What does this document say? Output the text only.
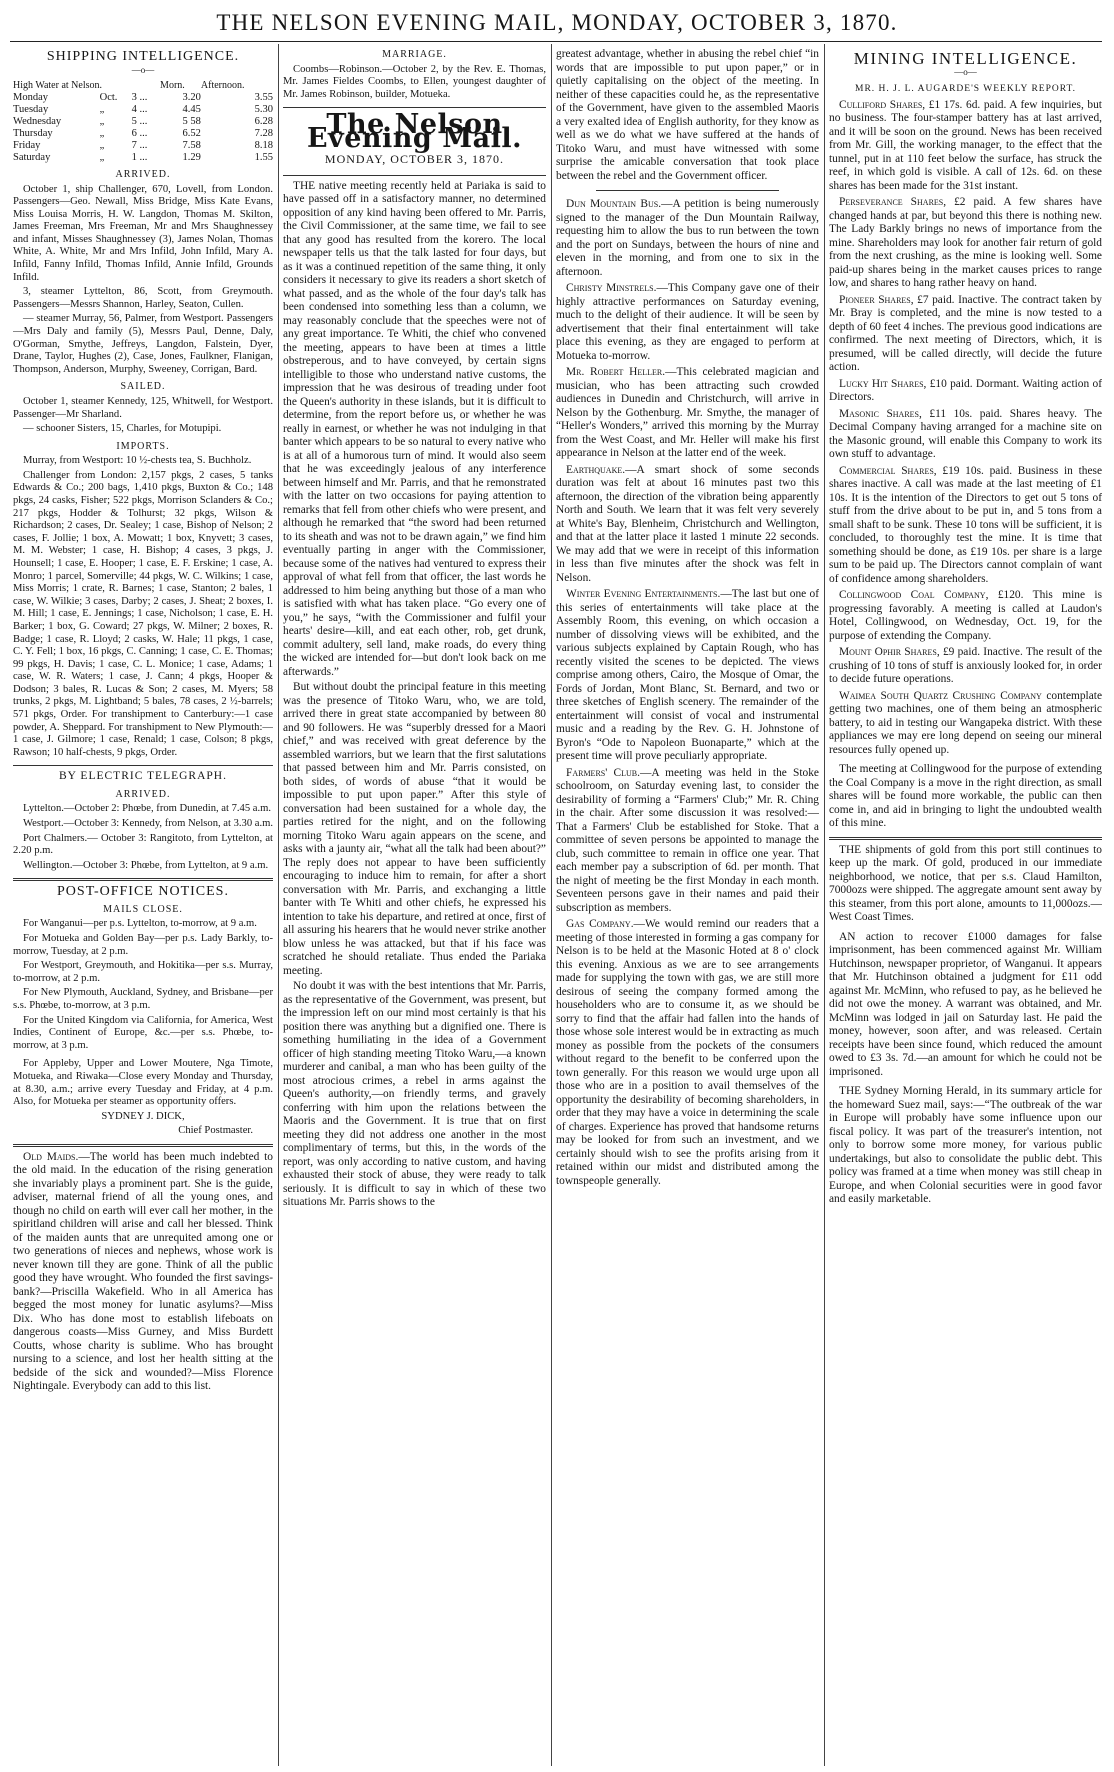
THE NELSON EVENING MAIL, MONDAY, OCTOBER 3, 1870.
SHIPPING INTELLIGENCE.
—o—
High Water at Nelson.			Morn.	Afternoon.
Monday	Oct.	3 ...	3.20	3.55
Tuesday	„	4 ...	4.45	5.30
Wednesday	„	5 ...	5 58	6.28
Thursday	„	6 ...	6.52	7.28
Friday	„	7 ...	7.58	8.18
Saturday	„	1 ...	1.29	1.55
ARRIVED.

October 1, ship Challenger, 670, Lovell, from London. Passengers—Geo. Newall, Miss Bridge, Miss Kate Evans, Miss Louisa Morris, H. W. Langdon, Thomas M. Skilton, James Freeman, Mrs Freeman, Mr and Mrs Shaughnessey and infant, Misses Shaughnessey (3), James Nolan, Thomas White, A. White, Mr and Mrs Infild, John Infild, Mary A. Infild, Fanny Infild, Thomas Infild, Annie Infild, Grounds Infild.

3, steamer Lyttelton, 86, Scott, from Greymouth. Passengers—Messrs Shannon, Harley, Seaton, Cullen.

— steamer Murray, 56, Palmer, from Westport. Passengers—Mrs Daly and family (5), Messrs Paul, Denne, Daly, O'Gorman, Smythe, Jeffreys, Langdon, Falstein, Dyer, Drane, Taylor, Hughes (2), Case, Jones, Faulkner, Flanigan, Thompson, Anderson, Murphy, Sweeney, Corrigan, Bard.

SAILED.

October 1, steamer Kennedy, 125, Whitwell, for Westport. Passenger—Mr Sharland.

— schooner Sisters, 15, Charles, for Motupipi.

IMPORTS.

Murray, from Westport: 10 ½-chests tea, S. Buchholz.

Challenger from London: 2,157 pkgs, 2 cases, 5 tanks Edwards & Co.; 200 bags, 1,410 pkgs, Buxton & Co.; 148 pkgs, 24 casks, Fisher; 522 pkgs, Morrison Sclanders & Co.; 217 pkgs, Hodder & Tolhurst; 32 pkgs, Wilson & Richardson; 2 cases, Dr. Sealey; 1 case, Bishop of Nelson; 2 cases, F. Jollie; 1 box, A. Mowatt; 1 box, Knyvett; 3 cases, M. M. Webster; 1 case, H. Bishop; 4 cases, 3 pkgs, J. Hounsell; 1 case, E. Hooper; 1 case, E. F. Erskine; 1 case, A. Monro; 1 parcel, Somerville; 44 pkgs, W. C. Wilkins; 1 case, Miss Morris; 1 crate, R. Barnes; 1 case, Stanton; 2 bales, 1 case, W. Wilkie; 3 cases, Darby; 2 cases, J. Sheat; 2 boxes, I. M. Hill; 1 case, E. Jennings; 1 case, Nicholson; 1 case, E. H. Barker; 1 box, G. Coward; 27 pkgs, W. Milner; 2 boxes, R. Badge; 1 case, R. Lloyd; 2 casks, W. Hale; 11 pkgs, 1 case, C. Y. Fell; 1 box, 16 pkgs, C. Canning; 1 case, C. E. Thomas; 99 pkgs, H. Davis; 1 case, C. L. Monice; 1 case, Adams; 1 case, W. R. Waters; 1 case, J. Cann; 4 pkgs, Hooper & Dodson; 3 bales, R. Lucas & Son; 2 cases, M. Myers; 58 trunks, 2 pkgs, M. Lightband; 5 bales, 78 cases, 2 ½-barrels; 571 pkgs, Order. For transhipment to Canterbury:—1 case powder, A. Sheppard. For transhipment to New Plymouth:—1 case, J. Gilmore; 1 case, Renald; 1 case, Colson; 8 pkgs, Rawson; 10 half-chests, 9 pkgs, Order.

BY ELECTRIC TELEGRAPH.
ARRIVED.

Lyttelton.—October 2: Phœbe, from Dunedin, at 7.45 a.m.

Westport.—October 3: Kennedy, from Nelson, at 3.30 a.m.

Port Chalmers.— October 3: Rangitoto, from Lyttelton, at 2.20 p.m.

Wellington.—October 3: Phœbe, from Lyttelton, at 9 a.m.

POST-OFFICE NOTICES.
MAILS CLOSE.

For Wanganui—per p.s. Lyttelton, to-morrow, at 9 a.m.

For Motueka and Golden Bay—per p.s. Lady Barkly, to-morrow, Tuesday, at 2 p.m.

For Westport, Greymouth, and Hokitika—per s.s. Murray, to-morrow, at 2 p.m.

For New Plymouth, Auckland, Sydney, and Brisbane—per s.s. Phœbe, to-morrow, at 3 p.m.

For the United Kingdom via California, for America, West Indies, Continent of Europe, &c.—per s.s. Phœbe, to-morrow, at 3 p.m.

For Appleby, Upper and Lower Moutere, Nga Timote, Motueka, and Riwaka—Close every Monday and Thursday, at 8.30, a.m.; arrive every Tuesday and Friday, at 4 p.m. Also, for Motueka per steamer as opportunity offers.

SYDNEY J. DICK,

Chief Postmaster.

Old Maids.—The world has been much indebted to the old maid. In the education of the rising generation she invariably plays a prominent part. She is the guide, adviser, maternal friend of all the young ones, and though no child on earth will ever call her mother, in the spiritland children will arise and call her blessed. Think of the maiden aunts that are unrequited among one or two generations of nieces and nephews, whose work is never known till they are gone. Think of all the public good they have wrought. Who founded the first savings-bank?—Priscilla Wakefield. Who in all America has begged the most money for lunatic asylums?—Miss Dix. Who has done most to establish lifeboats on dangerous coasts—Miss Gurney, and Miss Burdett Coutts, whose charity is sublime. Who has brought nursing to a science, and lost her health sitting at the bedside of the sick and wounded?—Miss Florence Nightingale. Everybody can add to this list.

MARRIAGE.

Coombs—Robinson.—October 2, by the Rev. E. Thomas, Mr. James Fieldes Coombs, to Ellen, youngest daughter of Mr. James Robinson, builder, Motueka.

The Nelson Evening Mail.
MONDAY, OCTOBER 3, 1870.

THE native meeting recently held at Pariaka is said to have passed off in a satisfactory manner, no determined opposition of any kind having been offered to Mr. Parris, the Civil Commissioner, at the same time, we fail to see that any good has resulted from the korero. The local newspaper tells us that the talk lasted for four days, but as it was a continued repetition of the same thing, it only considers it necessary to give its readers a short sketch of what passed, and as the whole of the four day's talk has been condensed into something less than a column, we may reasonably conclude that the speeches were not of any great importance. Te Whiti, the chief who convened the meeting, appears to have been at times a little obstreperous, and to have conveyed, by certain signs intelligible to those who understand native customs, the impression that he was desirous of treading under foot the Queen's authority in these islands, but it is difficult to determine, from the report before us, or whether he was really in earnest, or whether he was not indulging in that banter which appears to be so natural to every native who is at all of a humorous turn of mind. It would also seem that he was exceedingly jealous of any interference between himself and Mr. Parris, and that he remonstrated with the latter on two occasions for paying attention to remarks that fell from other chiefs who were present, and although he remarked that “the sword had been returned to its sheath and was not to be drawn again,” we find him eventually parting in anger with the Commissioner, because some of the natives had ventured to express their approval of what fell from that officer, the last words he addressed to him being anything but those of a man who is satisfied with what has taken place. “Go every one of you,” he says, “with the Commissioner and fulfil your hearts' desire—kill, and eat each other, rob, get drunk, commit adultery, sell land, make roads, do every thing the wicked are intended for—but don't look back on me afterwards.”

But without doubt the principal feature in this meeting was the presence of Titoko Waru, who, we are told, arrived there in great state accompanied by between 80 and 90 followers. He was “superbly dressed for a Maori chief,” and was received with great deference by the assembled warriors, but we learn that the first salutations that passed between him and Mr. Parris consisted, on both sides, of words of abuse “that it would be impossible to put upon paper.” After this style of conversation had been sustained for a whole day, the parties retired for the night, and on the following morning Titoko Waru again appears on the scene, and asks with a jaunty air, “what all the talk had been about?” The reply does not appear to have been sufficiently encouraging to induce him to remain, for after a short conversation with Mr. Parris, and exchanging a little banter with Te Whiti and other chiefs, he expressed his intention to take his departure, and retired at once, first of all assuring his hearers that he would never strike another blow unless he was attacked, but that if his face was scratched he should retaliate. Thus ended the Pariaka meeting.

No doubt it was with the best intentions that Mr. Parris, as the representative of the Government, was present, but the impression left on our mind most certainly is that his position there was anything but a dignified one. There is something humiliating in the idea of a Government officer of high standing meeting Titoko Waru,—a known murderer and canibal, a man who has been guilty of the most atrocious crimes, a rebel in arms against the Queen's authority,—on friendly terms, and gravely conferring with him upon the relations between the Maoris and the Government. It is true that on first meeting they did not address one another in the most complimentary of terms, but this, in the words of the report, was only according to native custom, and having exhausted their stock of abuse, they were ready to talk seriously. It is difficult to say in which of these two situations Mr. Parris shows to the

greatest advantage, whether in abusing the rebel chief “in words that are impossible to put upon paper,” or in quietly capitalising on the object of the meeting. In neither of these capacities could he, as the representative of the Government, have given to the assembled Maoris a very exalted idea of English authority, for they know as well as we do what we have suffered at the hands of Titoko Waru, and must have witnessed with some surprise the amicable conversation that took place between the rebel and the Government officer.

Dun Mountain Bus.—A petition is being numerously signed to the manager of the Dun Mountain Railway, requesting him to allow the bus to run between the town and the port on Sundays, between the hours of nine and eleven in the morning, and from one to six in the afternoon.

Christy Minstrels.—This Company gave one of their highly attractive performances on Saturday evening, much to the delight of their audience. It will be seen by advertisement that their final entertainment will take place this evening, as they are engaged to perform at Motueka to-morrow.

Mr. Robert Heller.—This celebrated magician and musician, who has been attracting such crowded audiences in Dunedin and Christchurch, will arrive in Nelson by the Gothenburg. Mr. Smythe, the manager of “Heller's Wonders,” arrived this morning by the Murray from the West Coast, and Mr. Heller will make his first appearance in Nelson at the latter end of the week.

Earthquake.—A smart shock of some seconds duration was felt at about 16 minutes past two this afternoon, the direction of the vibration being apparently North and South. We learn that it was felt very severely at White's Bay, Blenheim, Christchurch and Wellington, and that at the latter place it lasted 1 minute 22 seconds. We may add that we were in receipt of this information in less than five minutes after the shock was felt in Nelson.

Winter Evening Entertainments.—The last but one of this series of entertainments will take place at the Assembly Room, this evening, on which occasion a number of dissolving views will be exhibited, and the various subjects explained by Captain Rough, who has recently visited the scenes to be depicted. The views comprise among others, Cairo, the Mosque of Omar, the Fords of Jordan, Mont Blanc, St. Bernard, and two or three sketches of English scenery. The remainder of the entertainment will consist of vocal and instrumental music and a reading by the Rev. G. H. Johnstone of Byron's “Ode to Napoleon Buonaparte,” which at the present time will prove peculiarly appropriate.

Farmers' Club.—A meeting was held in the Stoke schoolroom, on Saturday evening last, to consider the desirability of forming a “Farmers' Club;” Mr. R. Ching in the chair. After some discussion it was resolved:—That a Farmers' Club be established for Stoke. That a committee of seven persons be appointed to manage the club, such committee to remain in office one year. That each member pay a subscription of 6d. per month. That the night of meeting be the first Monday in each month. Seventeen persons gave in their names and paid their subscription as members.

Gas Company.—We would remind our readers that a meeting of those interested in forming a gas company for Nelson is to be held at the Masonic Hoted at 8 o' clock this evening. Anxious as we are to see arrangements made for supplying the town with gas, we are still more desirous of seeing the company formed among the householders who are to consume it, as we should be sorry to find that the affair had fallen into the hands of those whose sole interest would be in extracting as much money as possible from the pockets of the consumers without regard to the benefit to be conferred upon the town generally. For this reason we would urge upon all those who are in a position to avail themselves of the opportunity the desirability of becoming shareholders, in order that they may have a voice in determining the scale of charges. Experience has proved that handsome returns may be looked for from such an investment, and we certainly should wish to see the profits arising from it retained within our midst and distributed among the townspeople generally.

MINING INTELLIGENCE.
—o—
MR. H. J. L. AUGARDE'S WEEKLY REPORT.

Culliford Shares, £1 17s. 6d. paid. A few inquiries, but no business. The four-stamper battery has at last arrived, and it will be soon on the ground. News has been received from Mr. Gill, the working manager, to the effect that the tunnel, put in at 110 feet below the surface, has struck the reef, in which gold is visible. A call of 12s. 6d. on these shares has been made for the 31st instant.

Perseverance Shares, £2 paid. A few shares have changed hands at par, but beyond this there is nothing new. The Lady Barkly brings no news of importance from the mine. Shareholders may look for another fair return of gold from the next crushing, as the mine is looking well. Some paid-up shares being in the market causes prices to range low, and shares to hang rather heavy on hand.

Pioneer Shares, £7 paid. Inactive. The contract taken by Mr. Bray is completed, and the mine is now tested to a depth of 60 feet 4 inches. The previous good indications are confirmed. The next meeting of Directors, which, it is presumed, will be called directly, will decide the future action.

Lucky Hit Shares, £10 paid. Dormant. Waiting action of Directors.

Masonic Shares, £11 10s. paid. Shares heavy. The Decimal Company having arranged for a machine site on the Masonic ground, will enable this Company to work its own stuff to advantage.

Commercial Shares, £19 10s. paid. Business in these shares inactive. A call was made at the last meeting of £1 10s. It is the intention of the Directors to get out 5 tons of stuff from the drive about to be put in, and 5 tons from a small shaft to be sunk. These 10 tons will be sufficient, it is concluded, to thoroughly test the mine. It is time that something should be done, as £19 10s. per share is a large sum to be paid up. The Directors cannot complain of want of confidence among shareholders.

Collingwood Coal Company, £120. This mine is progressing favorably. A meeting is called at Laudon's Hotel, Collingwood, on Wednesday, Oct. 19, for the purpose of extending the Company.

Mount Ophir Shares, £9 paid. Inactive. The result of the crushing of 10 tons of stuff is anxiously looked for, in order to decide future operations.

Waimea South Quartz Crushing Company contemplate getting two machines, one of them being an atmospheric battery, to aid in testing our Wangapeka district. With these appliances we may ere long depend on seeing our mineral resources fully opened up.

The meeting at Collingwood for the purpose of extending the Coal Company is a move in the right direction, as small shares will be found more workable, the public can then come in, and aid in bringing to light the undoubted wealth of this mine.

THE shipments of gold from this port still continues to keep up the mark. Of gold, produced in our immediate neighborhood, we notice, that per s.s. Claud Hamilton, 7000ozs were shipped. The aggregate amount sent away by this steamer, from this port alone, amounts to 11,000ozs.—West Coast Times.

AN action to recover £1000 damages for false imprisonment, has been commenced against Mr. William Hutchinson, newspaper proprietor, of Wanganui. It appears that Mr. Hutchinson obtained a judgment for £11 odd against Mr. McMinn, who refused to pay, as he believed he did not owe the money. A warrant was obtained, and Mr. McMinn was lodged in jail on Saturday last. He paid the money, however, soon after, and was released. Certain receipts have been since found, which reduced the amount owed to £3 3s. 7d.—an amount for which he could not be imprisoned.

THE Sydney Morning Herald, in its summary article for the homeward Suez mail, says:—“The outbreak of the war in Europe will probably have some influence upon our fiscal policy. It was part of the treasurer's intention, not only to borrow some more money, for various public undertakings, but also to consolidate the public debt. This policy was framed at a time when money was still cheap in Europe, and when Colonial securities were in good favor and easily marketable.
